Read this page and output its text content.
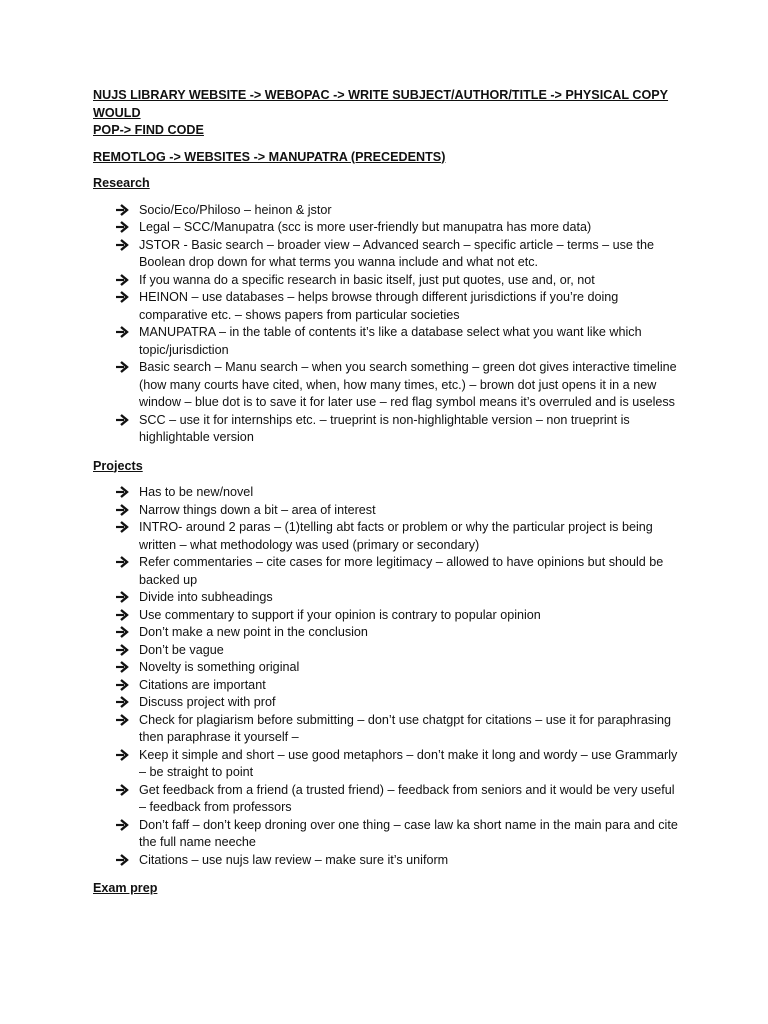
NUJS LIBRARY WEBSITE -> WEBOPAC -> WRITE SUBJECT/AUTHOR/TITLE -> PHYSICAL COPY WOULD

POP-> FIND CODE

REMOTLOG -> WEBSITES -> MANUPATRA (PRECEDENTS)

Research

Socio/Eco/Philoso – heinon & jstor
Legal – SCC/Manupatra (scc is more user-friendly but manupatra has more data)
JSTOR - Basic search – broader view – Advanced search – specific article – terms – use the Boolean drop down for what terms you wanna include and what not etc.
If you wanna do a specific research in basic itself, just put quotes, use and, or, not
HEINON – use databases – helps browse through different jurisdictions if you’re doing comparative etc. – shows papers from particular societies
MANUPATRA – in the table of contents it’s like a database select what you want like which topic/jurisdiction
Basic search – Manu search – when you search something – green dot gives interactive timeline (how many courts have cited, when, how many times, etc.) – brown dot just opens it in a new window – blue dot is to save it for later use – red flag symbol means it’s overruled and is useless
SCC – use it for internships etc. – trueprint is non-highlightable version – non trueprint is highlightable version

Projects

Has to be new/novel
Narrow things down a bit – area of interest
INTRO- around 2 paras – (1)telling abt facts or problem or why the particular project is being written – what methodology was used (primary or secondary)
Refer commentaries – cite cases for more legitimacy – allowed to have opinions but should be backed up
Divide into subheadings
Use commentary to support if your opinion is contrary to popular opinion
Don’t make a new point in the conclusion
Don’t be vague
Novelty is something original
Citations are important
Discuss project with prof
Check for plagiarism before submitting – don’t use chatgpt for citations – use it for paraphrasing then paraphrase it yourself –
Keep it simple and short – use good metaphors – don’t make it long and wordy – use Grammarly – be straight to point
Get feedback from a friend (a trusted friend) – feedback from seniors and it would be very useful – feedback from professors
Don’t faff – don’t keep droning over one thing – case law ka short name in the main para and cite the full name neeche
Citations – use nujs law review – make sure it’s uniform

Exam prep
